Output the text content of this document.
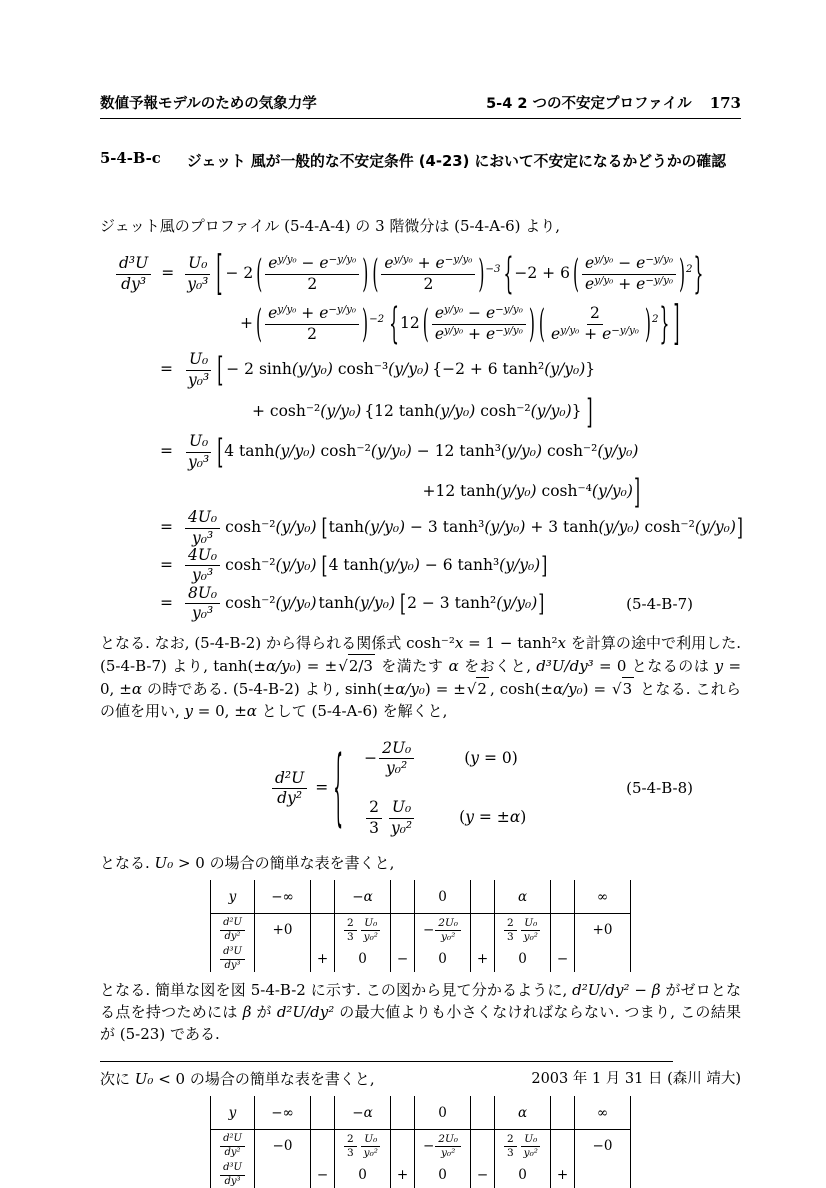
数値予報モデルのための気象力学	5-4 2 つの不安定プロファイル 173
5-4-B-c ジェット 風が一般的な不安定条件 (4-23) において不安定になるかどうかの確認

ジェット風のプロファイル (5-4-A-4) の 3 階微分は (5-4-A-6) より,

$\frac{\text{d³U}}{\text{dy³}} = \frac{\text{U₀}}{\text{y₀³}}$ [ − 2 ( $\frac{e^{y/y_0} - e^{-y/y_0}}{2}$ ) ( $\frac{e^{y/y_0} + e^{-y/y_0}}{2} )^{-3}$ {−2 + 6 ( $\frac{e^{y/y_0} - e^{-y/y_0}}{e^{y/y_0} + e^{-y/y_0}} )^2$}
+ ( $\frac{e^{y/y_0} + e^{-y/y_0}}{2} )^{-2}$ {12 ( $\frac{e^{y/y_0} - e^{-y/y_0}}{e^{y/y_0} + e^{-y/y_0}}$ ) ( $\frac{2}{e^{y/y_0} + e^{-y/y_0}} )^2$} ]
= $\frac{\text{U₀}}{\text{y₀³}}$ [ − 2 sinh(y/y₀) cosh⁻³(y/y₀) {−2 + 6 tanh²(y/y₀)}
+ cosh⁻²(y/y₀) {12 tanh(y/y₀) cosh⁻²(y/y₀)} ]
= $\frac{\text{U₀}}{\text{y₀³}} [4$ tanh(y/y₀) cosh⁻²(y/y₀) − 12 tanh³(y/y₀) cosh⁻²(y/y₀)
+12 tanh(y/y₀) cosh⁻⁴(y/y₀)]
= $\frac{\text{4U₀}}{\text{y₀³}} \cosh^{-2}(y/y_0) [\tanh(y/y_0) - 3$ tanh³(y/y₀) + 3 tanh(y/y₀) cosh⁻²(y/y₀)]
= $\frac{\text{4U₀}}{\text{y₀³}} \cosh^{-2}(y/y_0)$ [4 tanh(y/y₀) − 6 tanh³(y/y₀)]
= $\frac{\text{8U₀}}{\text{y₀³}} \cosh^{-2}(y/y_0)$ tanh(y/y₀) [2 − 3 tanh²(y/y₀)]	(5-4-B-7)

となる. なお, (5-4-B-2) から得られる関係式 cosh⁻²x = 1 − tanh²x を計算の途中で利用した. (5-4-B-7) より, tanh(±α/y₀) = ± √ 2/3 を満たす α をおくと, d³U/dy³ = 0 となるのは y = 0, ±α の時である. (5-4-B-2) より, sinh(±α/y₀) = ± √ 2 , cosh(±α/y₀) = √ 3 となる. これらの値を用い, y = 0, ±α として (5-4-A-6) を解くと,

$\frac{\text{d²U}}{\text{dy²}}$ = { − $\frac{\text{2U₀}}{\text{y₀²}}$	(y = 0)
$\frac{2}{3} \frac{\text{U₀}}{\text{y₀²}}$	(y = ±α)
(5-4-B-8)

となる. U₀ > 0 の場合の簡単な表を書くと,

y	−∞		−α		0		α		∞

$\frac{\text{d²U}}{\text{dy²}}$	+0		$\frac{2}{3} \frac{\text{U₀}}{\text{y₀²}}$		− $\frac{\text{2U₀}}{\text{y₀²}}$		$\frac{2}{3} \frac{\text{U₀}}{\text{y₀²}}$		+0

$\frac{\text{d³U}}{\text{dy³}}$		+	0	−	0	+	0	−	

となる. 簡単な図を図 5-4-B-2 に示す. この図から見て分かるように, d²U/dy² − β がゼロとなる点を持つためには β が d²U/dy² の最大値よりも小さくなければならない. つまり, この結果が (5-23) である.

次に U₀ < 0 の場合の簡単な表を書くと,

y	−∞		−α		0		α		∞

$\frac{\text{d²U}}{\text{dy²}}$	−0		$\frac{2}{3} \frac{\text{U₀}}{\text{y₀²}}$		− $\frac{\text{2U₀}}{\text{y₀²}}$		$\frac{2}{3} \frac{\text{U₀}}{\text{y₀²}}$		−0

$\frac{\text{d³U}}{\text{dy³}}$		−	0	+	0	−	0	+	
2003 年 1 月 31 日 (森川 靖大)
